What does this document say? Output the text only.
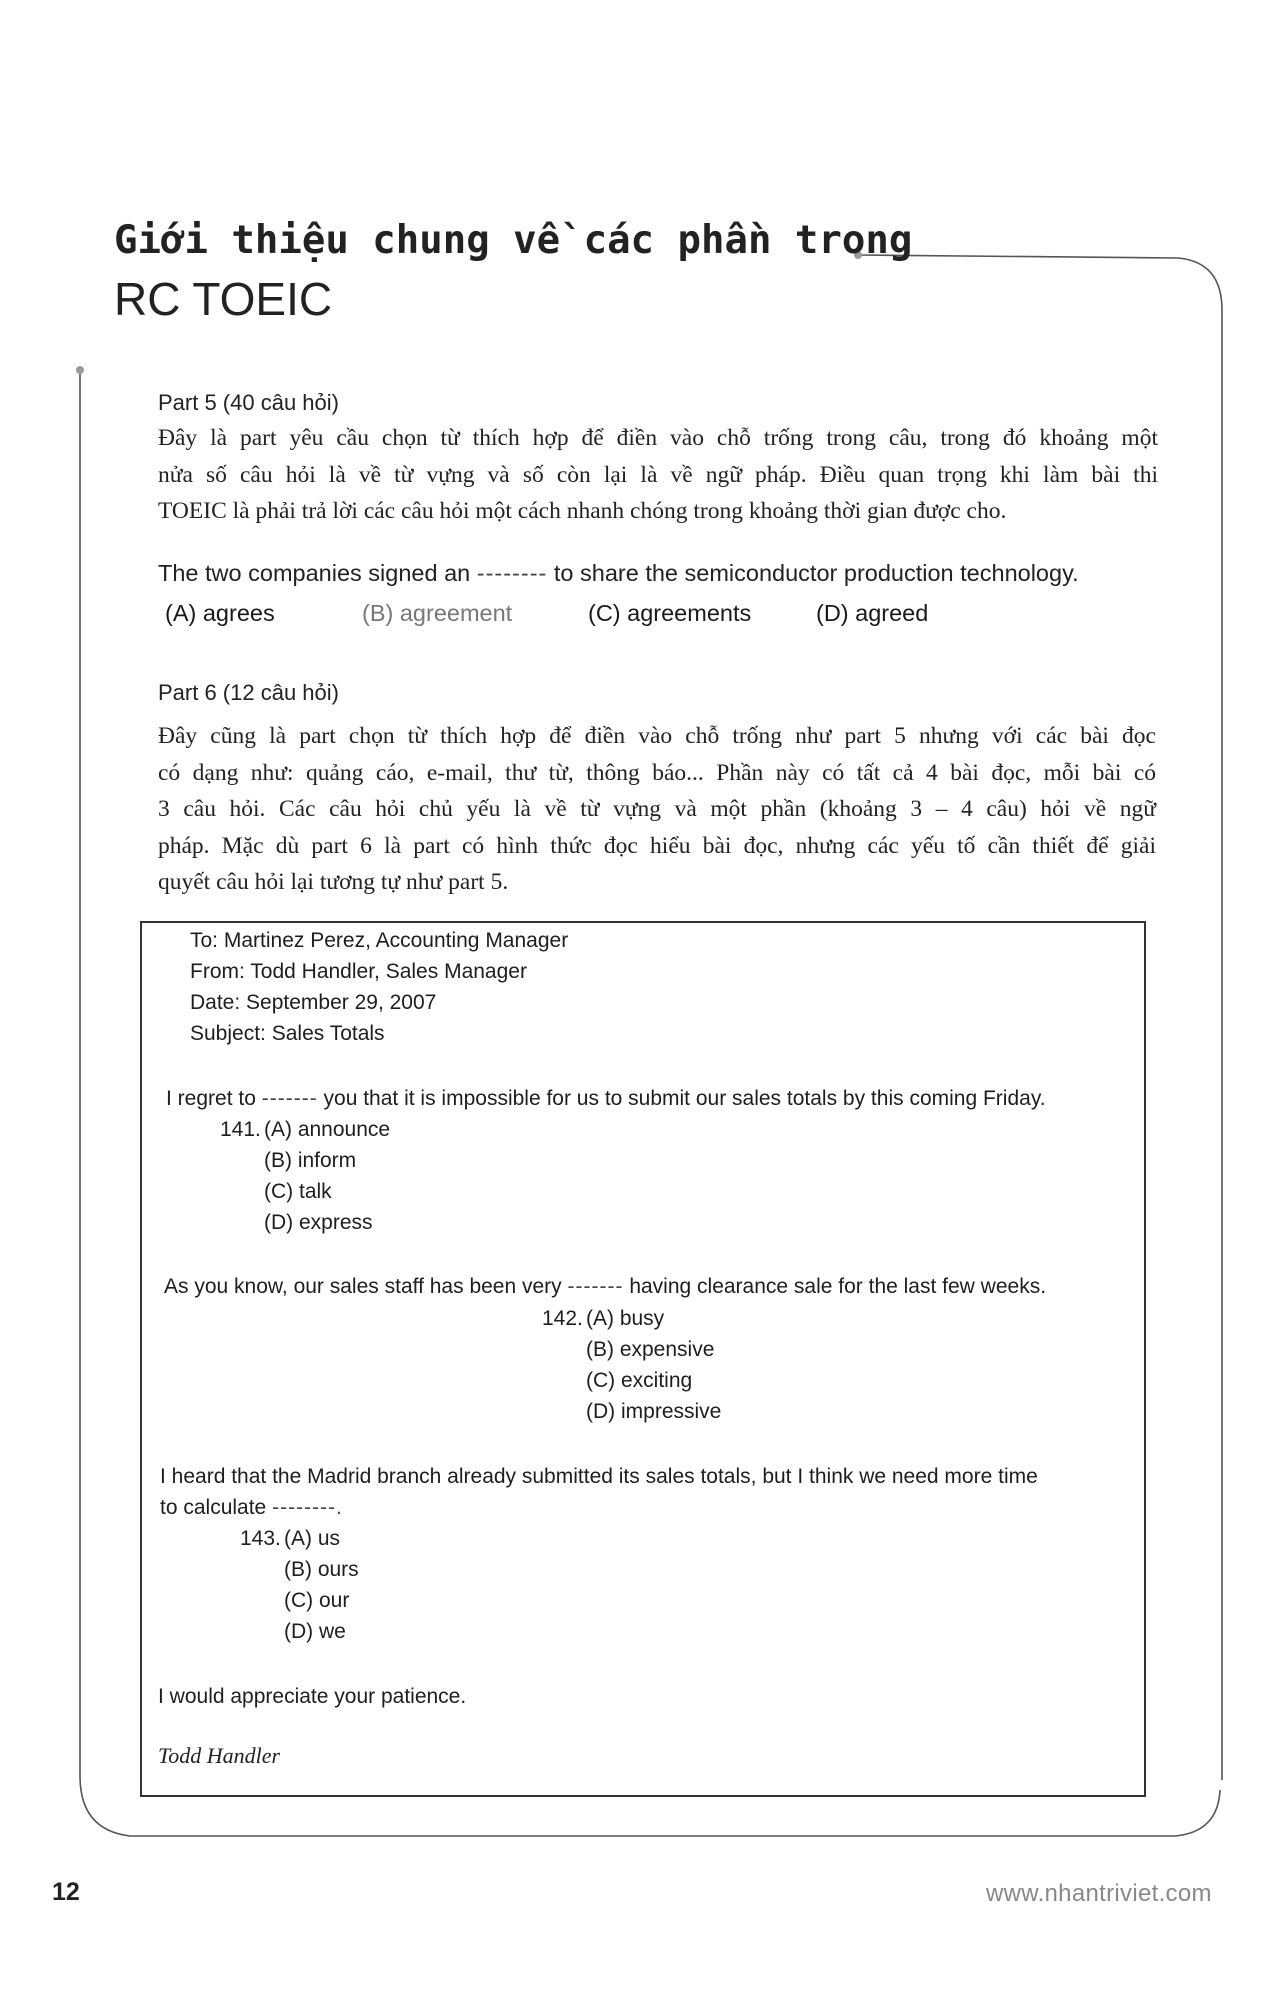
Giới thiệu chung về các phần trong
RC TOEIC
Part 5 (40 câu hỏi)
Đây là part yêu cầu chọn từ thích hợp để điền vào chỗ trống trong câu, trong đó khoảng một
nửa số câu hỏi là về từ vựng và số còn lại là về ngữ pháp. Điều quan trọng khi làm bài thi
TOEIC là phải trả lời các câu hỏi một cách nhanh chóng trong khoảng thời gian được cho.
The two companies signed an -------- to share the semiconductor production technology.
(A) agrees	(B) agreement	(C) agreements	(D) agreed
Part 6 (12 câu hỏi)
Đây cũng là part chọn từ thích hợp để điền vào chỗ trống như part 5 nhưng với các bài đọc
có dạng như: quảng cáo, e-mail, thư từ, thông báo... Phần này có tất cả 4 bài đọc, mỗi bài có
3 câu hỏi. Các câu hỏi chủ yếu là về từ vựng và một phần (khoảng 3 – 4 câu) hỏi về ngữ
pháp. Mặc dù part 6 là part có hình thức đọc hiểu bài đọc, nhưng các yếu tố cần thiết để giải
quyết câu hỏi lại tương tự như part 5.
To: Martinez Perez, Accounting Manager
From: Todd Handler, Sales Manager
Date: September 29, 2007
Subject: Sales Totals
I regret to ------- you that it is impossible for us to submit our sales totals by this coming Friday.
141. (A) announce
(B) inform
(C) talk
(D) express
As you know, our sales staff has been very ------- having clearance sale for the last few weeks.
142. (A) busy
(B) expensive
(C) exciting
(D) impressive
I heard that the Madrid branch already submitted its sales totals, but I think we need more time
to calculate --------.
143. (A) us
(B) ours
(C) our
(D) we
I would appreciate your patience.
Todd Handler
12	www.nhantriviet.com
